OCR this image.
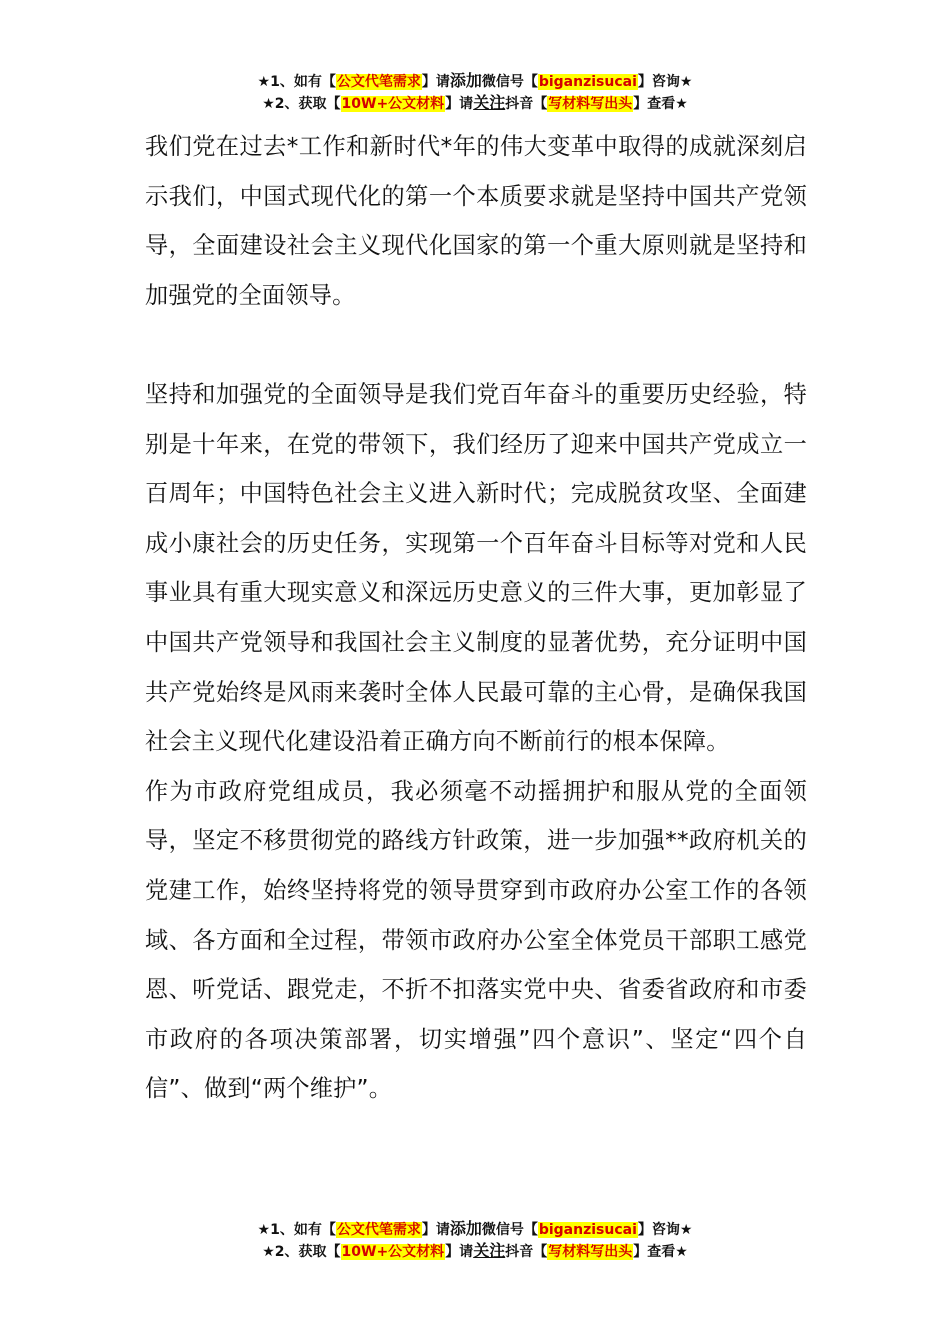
★1、如有【公文代笔需求】请添加微信号【biganzisucai】咨询★
★2、获取【10W+公文材料】请关注抖音【写材料写出头】查看★

我们党在过去*工作和新时代*年的伟大变革中取得的成就深刻启示我们，中国式现代化的第一个本质要求就是坚持中国共产党领导，全面建设社会主义现代化国家的第一个重大原则就是坚持和加强党的全面领导。

坚持和加强党的全面领导是我们党百年奋斗的重要历史经验，特别是十年来，在党的带领下，我们经历了迎来中国共产党成立一百周年；中国特色社会主义进入新时代；完成脱贫攻坚、全面建成小康社会的历史任务，实现第一个百年奋斗目标等对党和人民事业具有重大现实意义和深远历史意义的三件大事，更加彰显了中国共产党领导和我国社会主义制度的显著优势，充分证明中国共产党始终是风雨来袭时全体人民最可靠的主心骨，是确保我国社会主义现代化建设沿着正确方向不断前行的根本保障。

作为市政府党组成员，我必须毫不动摇拥护和服从党的全面领导，坚定不移贯彻党的路线方针政策，进一步加强**政府机关的党建工作，始终坚持将党的领导贯穿到市政府办公室工作的各领域、各方面和全过程，带领市政府办公室全体党员干部职工感党恩、听党话、跟党走，不折不扣落实党中央、省委省政府和市委市政府的各项决策部署，切实增强”四个意识”、坚定“四个自信”、做到“两个维护”。

★1、如有【公文代笔需求】请添加微信号【biganzisucai】咨询★
★2、获取【10W+公文材料】请关注抖音【写材料写出头】查看★
